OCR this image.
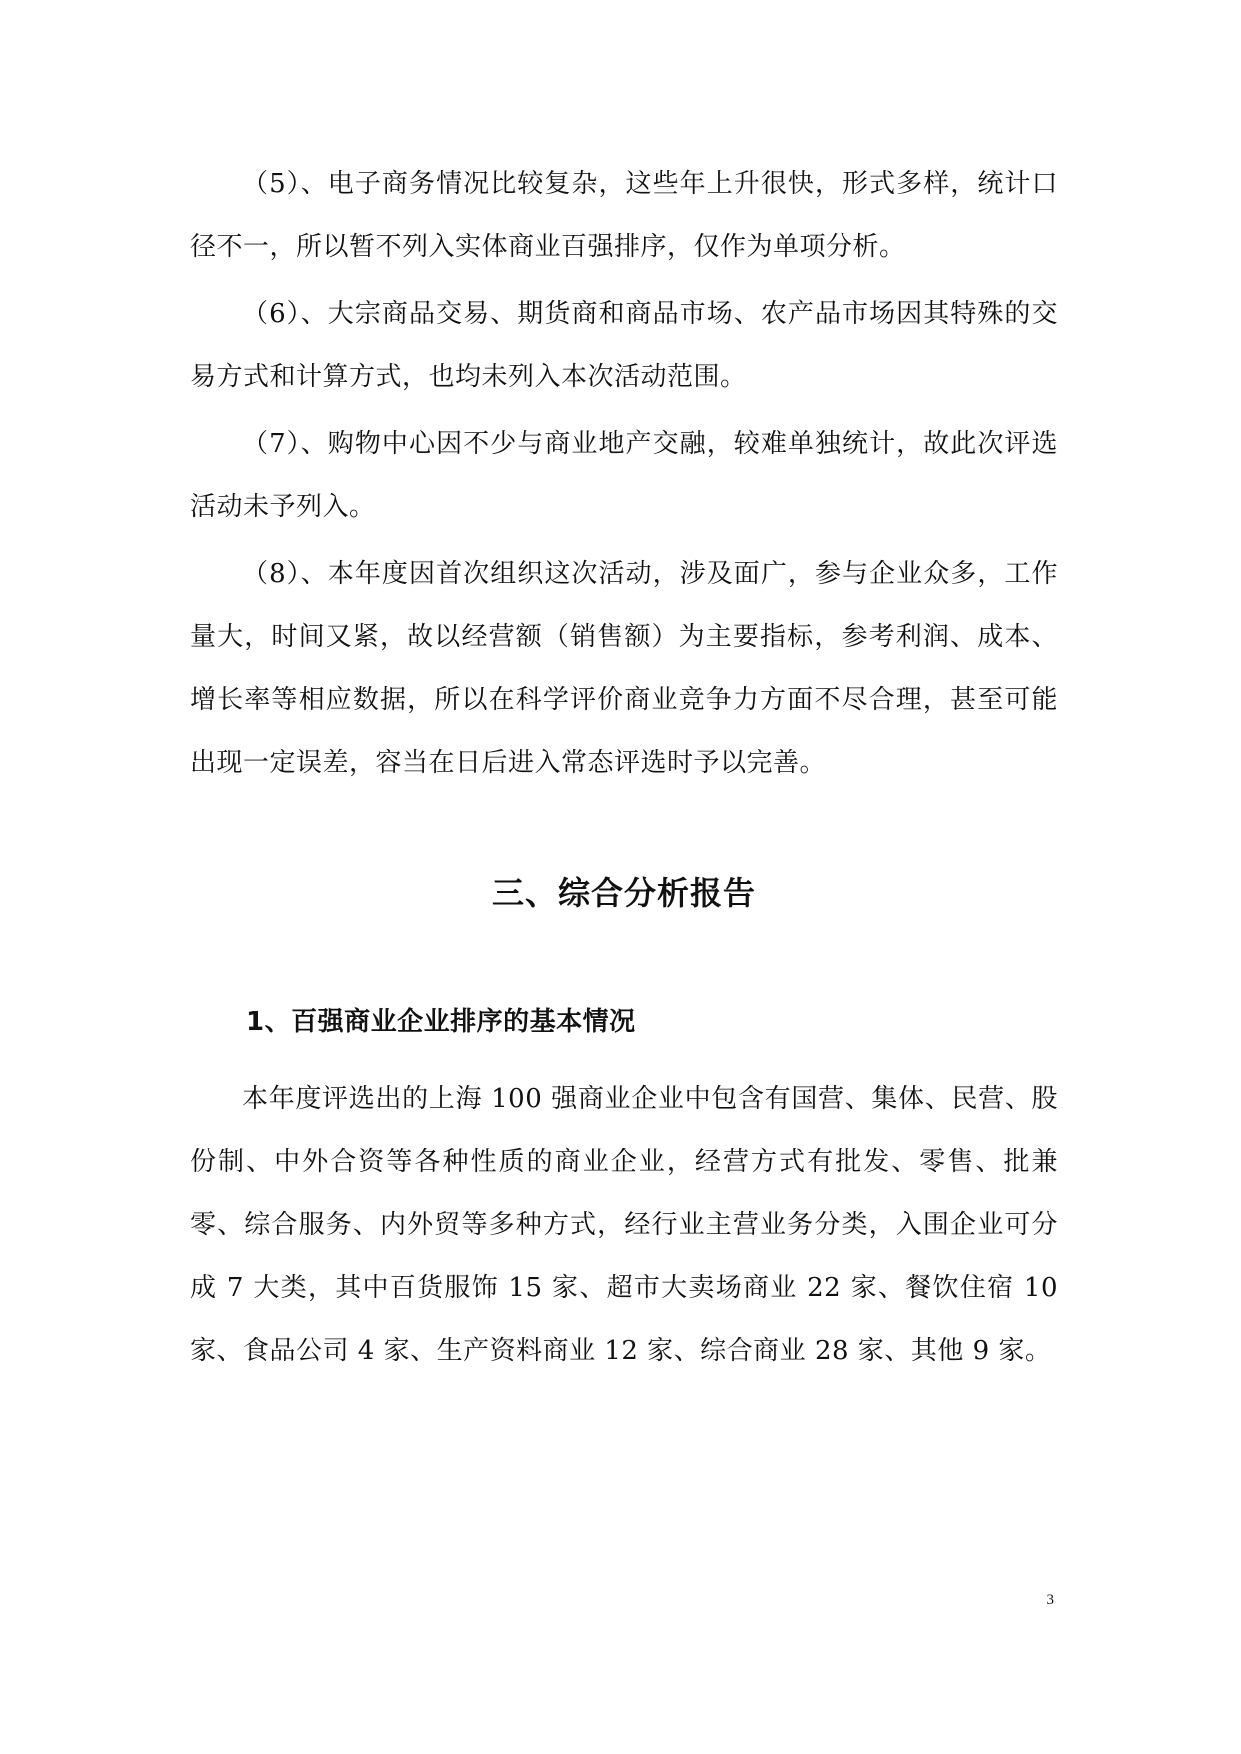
（5）、电子商务情况比较复杂，这些年上升很快，形式多样，统计口径不一，所以暂不列入实体商业百强排序，仅作为单项分析。

（6）、大宗商品交易、期货商和商品市场、农产品市场因其特殊的交易方式和计算方式，也均未列入本次活动范围。

（7）、购物中心因不少与商业地产交融，较难单独统计，故此次评选活动未予列入。

（8）、本年度因首次组织这次活动，涉及面广，参与企业众多，工作量大，时间又紧，故以经营额（销售额）为主要指标，参考利润、成本、增长率等相应数据，所以在科学评价商业竞争力方面不尽合理，甚至可能出现一定误差，容当在日后进入常态评选时予以完善。

三、综合分析报告
1、百强商业企业排序的基本情况

本年度评选出的上海 100 强商业企业中包含有国营、集体、民营、股份制、中外合资等各种性质的商业企业，经营方式有批发、零售、批兼零、综合服务、内外贸等多种方式，经行业主营业务分类，入围企业可分成 7 大类，其中百货服饰 15 家、超市大卖场商业 22 家、餐饮住宿 10 家、食品公司 4 家、生产资料商业 12 家、综合商业 28 家、其他 9 家。

3
